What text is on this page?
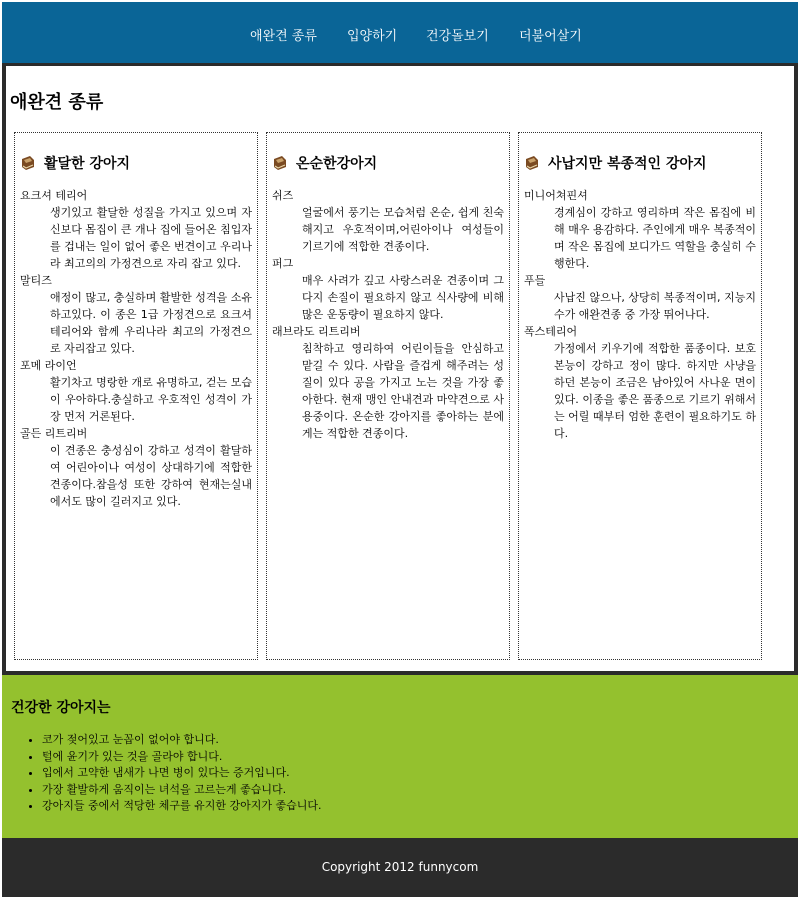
애완견 종류 입양하기 건강돌보기 더불어살기
애완견 종류
활달한 강아지
요크셔 테리어
생기있고 활달한 성질을 가지고 있으며 자신보다 몸집이 큰 개나 집에 들어온 침입자를 겁내는 일이 없어 좋은 번견이고 우리나라 최고의의 가정견으로 자리 잡고 있다.
말티즈
애정이 많고, 충실하며 활발한 성격을 소유하고있다. 이 종은 1급 가정견으로 요크셔테리어와 함께 우리나라 최고의 가정견으로 자리잡고 있다.
포메 라이언
활기차고 명랑한 개로 유명하고, 걷는 모습이 우아하다.충실하고 우호적인 성격이 가장 먼저 거론된다.
골든 리트리버
이 견종은 충성심이 강하고 성격이 활달하여 어린아이나 여성이 상대하기에 적합한 견종이다.참을성 또한 강하여 현재는실내에서도 많이 길러지고 있다.
온순한강아지
쉬즈
얼굴에서 풍기는 모습처럼 온순, 쉽게 친숙해지고 우호적이며,어린아이나 여성들이 기르기에 적합한 견종이다.
퍼그
매우 사려가 깊고 사랑스러운 견종이며 그다지 손질이 필요하지 않고 식사량에 비해 많은 운동량이 필요하지 않다.
래브라도 리트리버
침착하고 영리하여 어린이들을 안심하고 맡길 수 있다. 사람을 즐겁게 해주려는 성질이 있다 공을 가지고 노는 것을 가장 좋아한다. 현재 맹인 안내견과 마약견으로 사용중이다. 온순한 강아지를 좋아하는 분에게는 적합한 견종이다.
사납지만 복종적인 강아지
미니어쳐핀셔
경계심이 강하고 영리하며 작은 몸집에 비해 매우 용감하다. 주인에게 매우 복종적이며 작은 몸집에 보디가드 역할을 충실히 수행한다.
푸들
사납진 않으나, 상당히 복종적이며, 지능지수가 애완견종 중 가장 뛰어나다.
폭스테리어
가정에서 키우기에 적합한 품종이다. 보호본능이 강하고 정이 많다. 하지만 사냥을 하던 본능이 조금은 남아있어 사나운 면이 있다. 이종을 좋은 품종으로 기르기 위해서는 어릴 때부터 엄한 훈련이 필요하기도 하다.
건강한 강아지는
• 코가 젖어있고 눈꼽이 없어야 합니다.
• 털에 윤기가 있는 것을 골라야 합니다.
• 입에서 고약한 냄새가 나면 병이 있다는 증거입니다.
• 가장 활발하게 움직이는 녀석을 고르는게 좋습니다.
• 강아지들 중에서 적당한 체구를 유지한 강아지가 좋습니다.
Copyright 2012 funnycom
